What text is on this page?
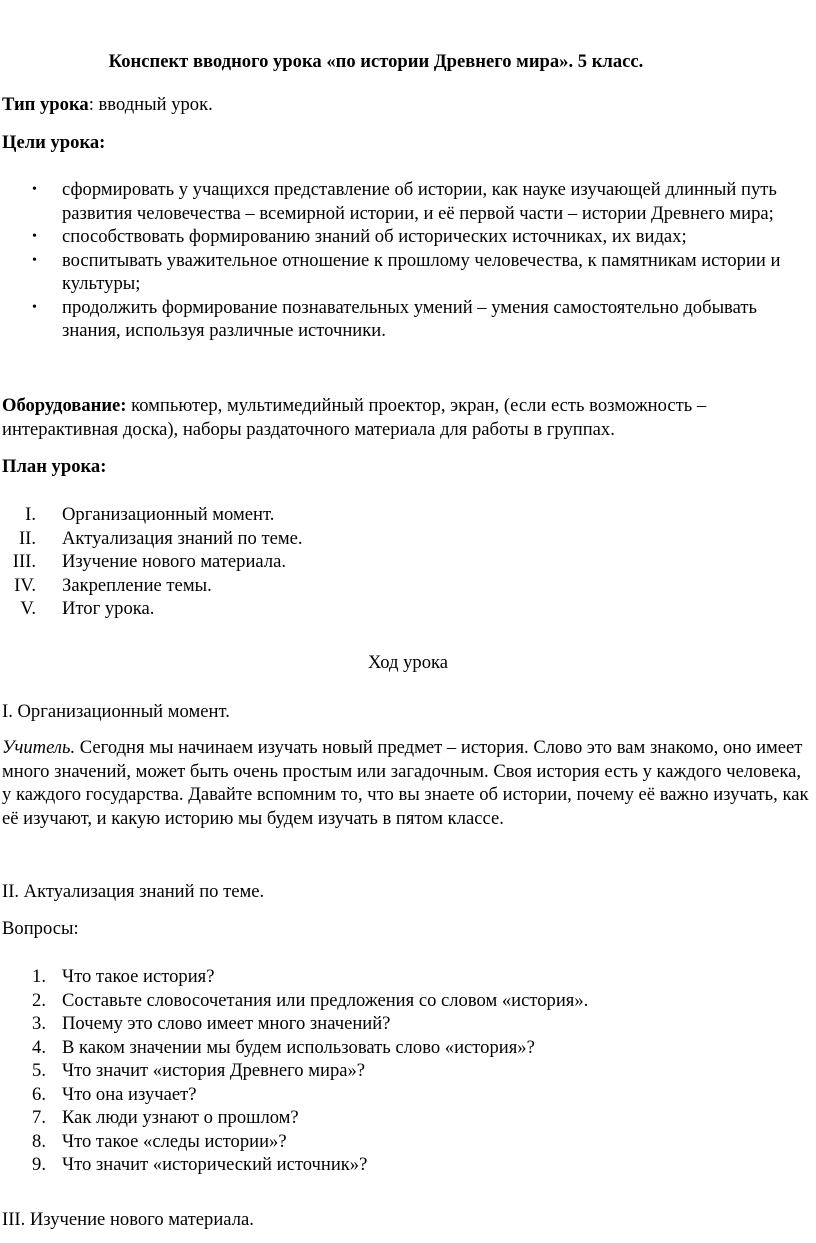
Конспект вводного урока «по истории Древнего мира». 5 класс.

Тип урока: вводный урок.

Цели урока:

• сформировать у учащихся представление об истории, как науке изучающей длинный путь развития человечества – всемирной истории, и её первой части – истории Древнего мира;
• способствовать формированию знаний об исторических источниках, их видах;
• воспитывать уважительное отношение к прошлому человечества, к памятникам истории и культуры;
• продолжить формирование познавательных умений – умения самостоятельно добывать знания, используя различные источники.

Оборудование: компьютер, мультимедийный проектор, экран, (если есть возможность – интерактивная доска), наборы раздаточного материала для работы в группах.

План урока:

I. Организационный момент.
II. Актуализация знаний по теме.
III. Изучение нового материала.
IV. Закрепление темы.
V. Итог урока.
Ход урока

I. Организационный момент.

Учитель. Сегодня мы начинаем изучать новый предмет – история. Слово это вам знакомо, оно имеет много значений, может быть очень простым или загадочным. Своя история есть у каждого человека, у каждого государства. Давайте вспомним то, что вы знаете об истории, почему её важно изучать, как её изучают, и какую историю мы будем изучать в пятом классе.

II. Актуализация знаний по теме.

Вопросы:

1. Что такое история?
2. Составьте словосочетания или предложения со словом «история».
3. Почему это слово имеет много значений?
4. В каком значении мы будем использовать слово «история»?
5. Что значит «история Древнего мира»?
6. Что она изучает?
7. Как люди узнают о прошлом?
8. Что такое «следы истории»?
9. Что значит «исторический источник»?

III. Изучение нового материала.
